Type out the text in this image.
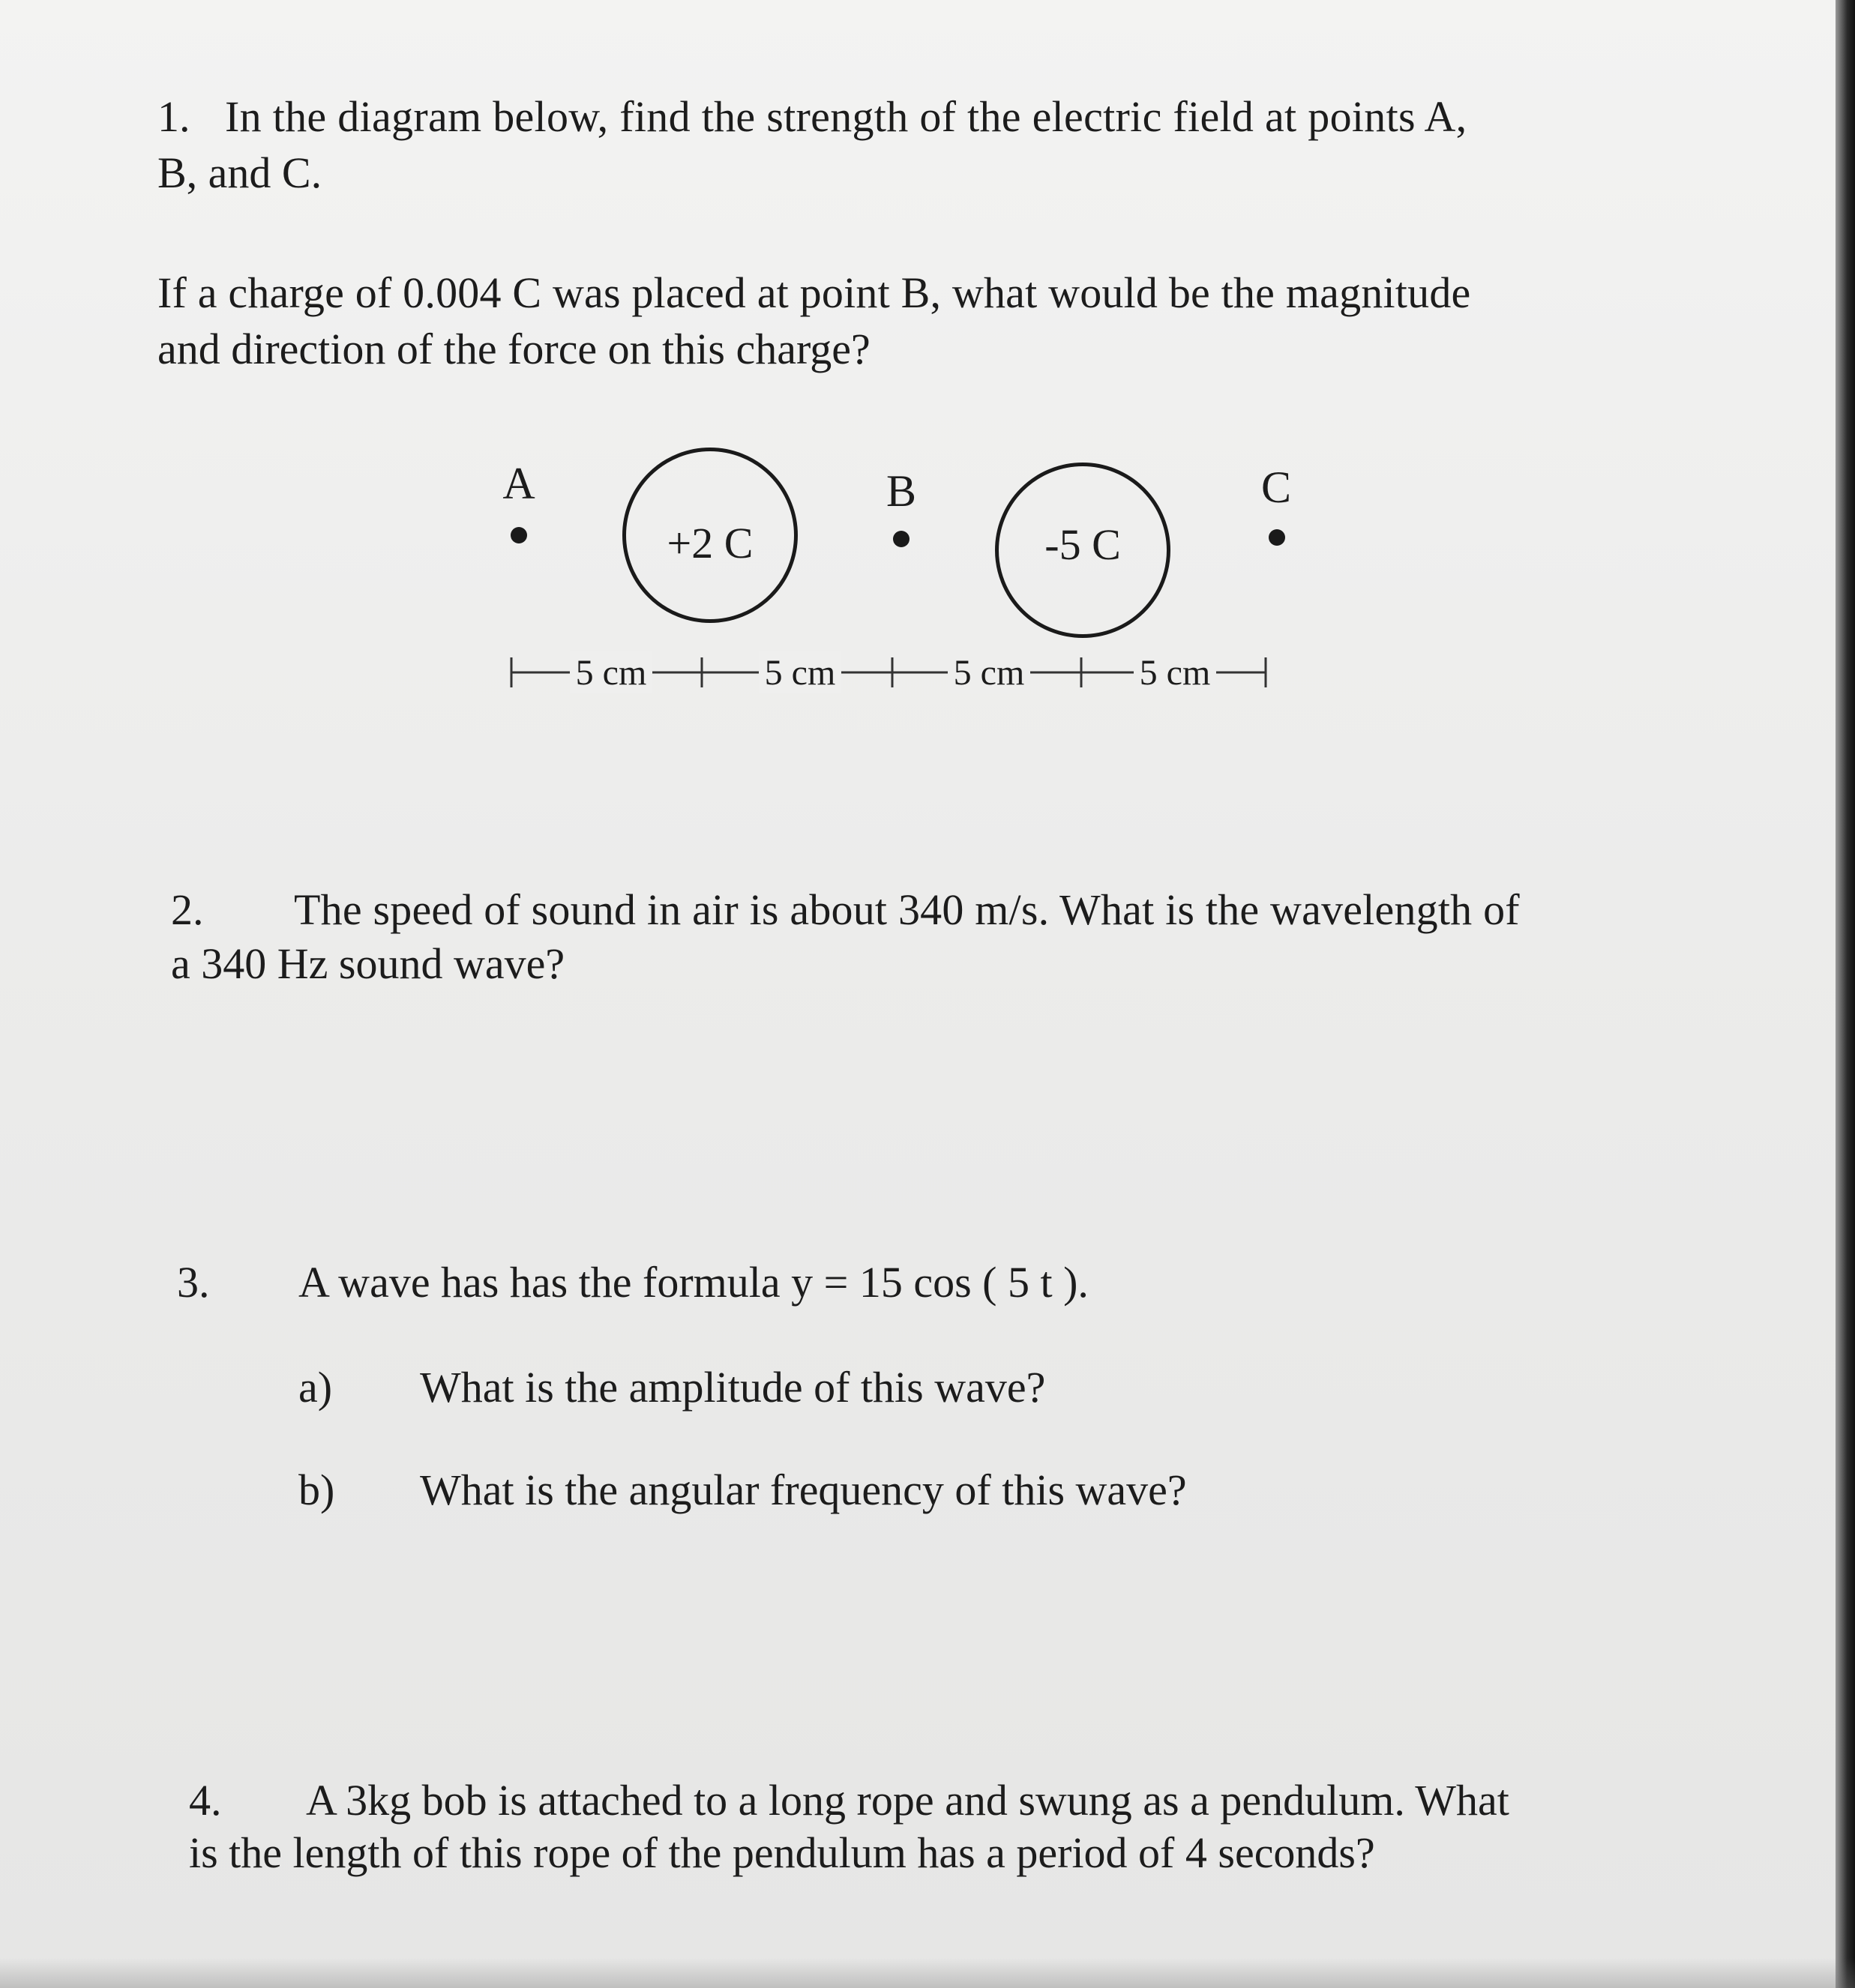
1. In the diagram below, find the strength of the electric field at points A,
B, and C.
If a charge of 0.004 C was placed at point B, what would be the magnitude
and direction of the force on this charge?
A
+2 C
B
-5 C
C
5 cm	5 cm	5 cm	5 cm
2. The speed of sound in air is about 340 m/s. What is the wavelength of
a 340 Hz sound wave?
3. A wave has has the formula y = 15 cos ( 5 t ).
a) What is the amplitude of this wave?
b) What is the angular frequency of this wave?
4. A 3kg bob is attached to a long rope and swung as a pendulum. What
is the length of this rope of the pendulum has a period of 4 seconds?
